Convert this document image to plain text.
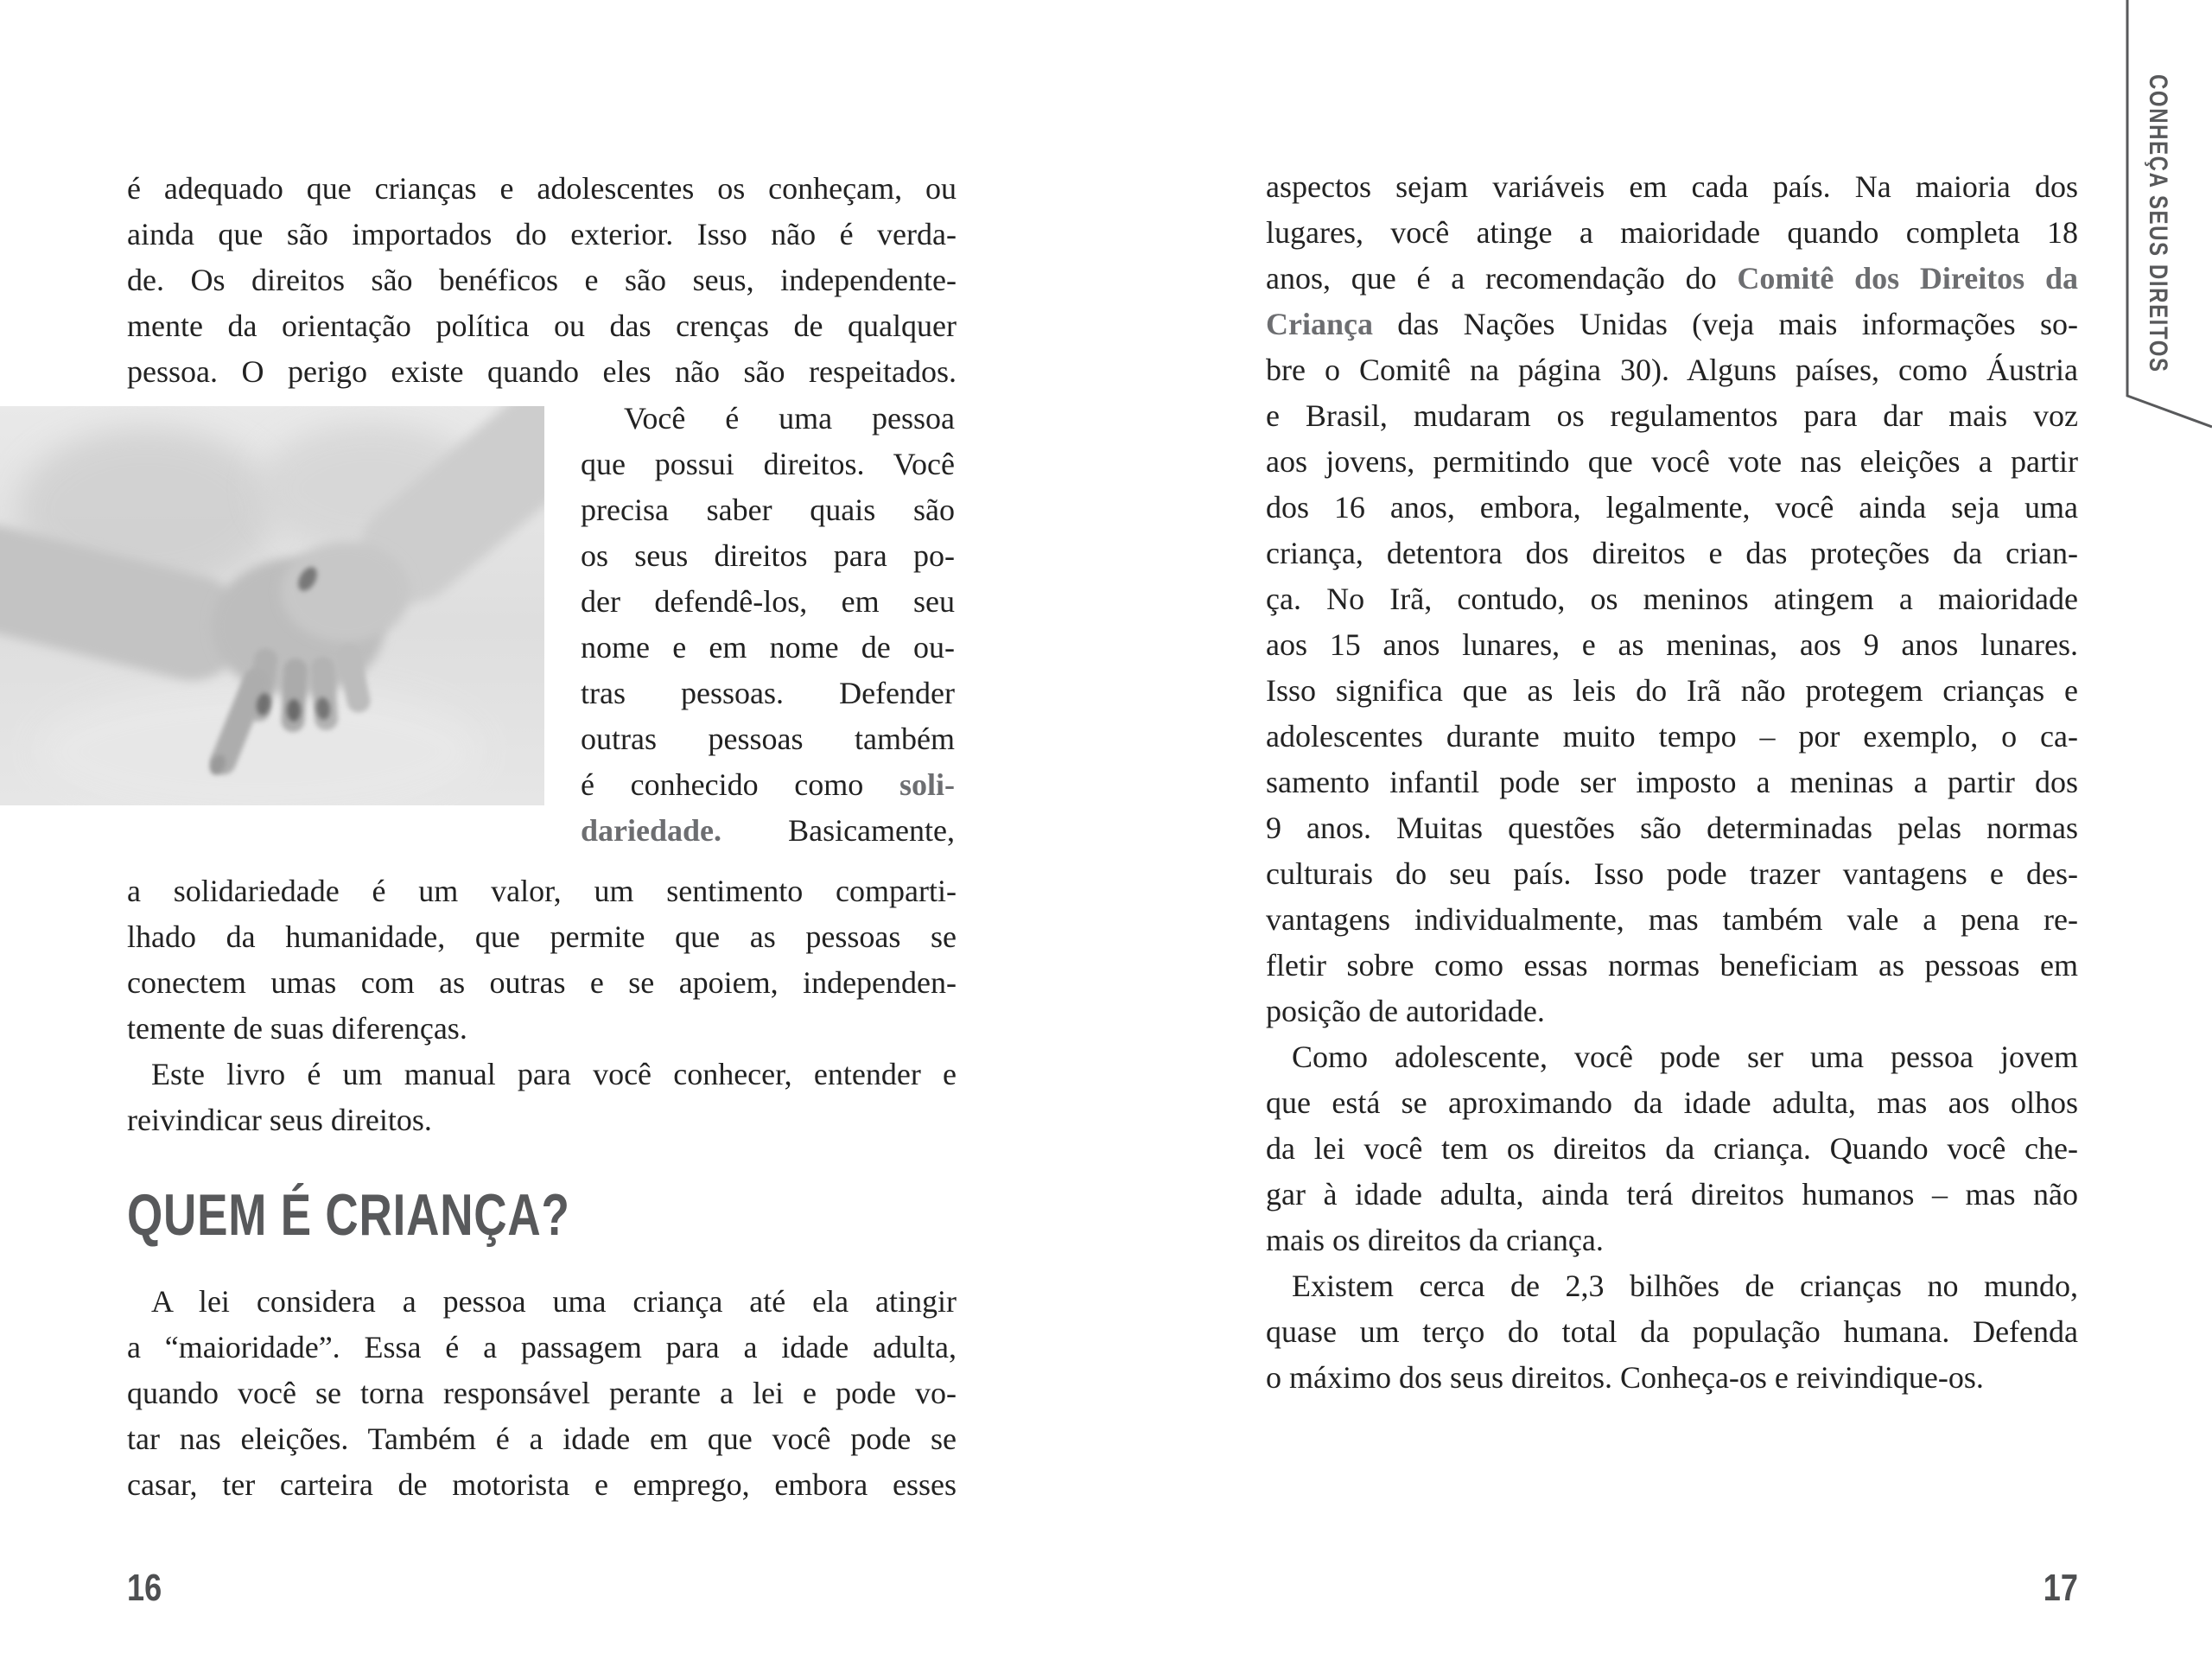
é adequado que crianças e adolescentes os conheçam, ou
ainda que são importados do exterior. Isso não é verda-
de. Os direitos são benéficos e são seus, independente-
mente da orientação política ou das crenças de qualquer
pessoa. O perigo existe quando eles não são respeitados.
Você é uma pessoa
que possui direitos. Você
precisa saber quais são
os seus direitos para po-
der defendê-los, em seu
nome e em nome de ou-
tras pessoas. Defender
outras pessoas também
é conhecido como soli-
dariedade. Basicamente,
a solidariedade é um valor, um sentimento comparti-
lhado da humanidade, que permite que as pessoas se
conectem umas com as outras e se apoiem, independen-
temente de suas diferenças.
Este livro é um manual para você conhecer, entender e
reivindicar seus direitos.
QUEM É CRIANÇA?
A lei considera a pessoa uma criança até ela atingir
a “maioridade”. Essa é a passagem para a idade adulta,
quando você se torna responsável perante a lei e pode vo-
tar nas eleições. Também é a idade em que você pode se
casar, ter carteira de motorista e emprego, embora esses
16
aspectos sejam variáveis em cada país. Na maioria dos
lugares, você atinge a maioridade quando completa 18
anos, que é a recomendação do Comitê dos Direitos da
Criança das Nações Unidas (veja mais informações so-
bre o Comitê na página 30). Alguns países, como Áustria
e Brasil, mudaram os regulamentos para dar mais voz
aos jovens, permitindo que você vote nas eleições a partir
dos 16 anos, embora, legalmente, você ainda seja uma
criança, detentora dos direitos e das proteções da crian-
ça. No Irã, contudo, os meninos atingem a maioridade
aos 15 anos lunares, e as meninas, aos 9 anos lunares.
Isso significa que as leis do Irã não protegem crianças e
adolescentes durante muito tempo – por exemplo, o ca-
samento infantil pode ser imposto a meninas a partir dos
9 anos. Muitas questões são determinadas pelas normas
culturais do seu país. Isso pode trazer vantagens e des-
vantagens individualmente, mas também vale a pena re-
fletir sobre como essas normas beneficiam as pessoas em
posição de autoridade.
Como adolescente, você pode ser uma pessoa jovem
que está se aproximando da idade adulta, mas aos olhos
da lei você tem os direitos da criança. Quando você che-
gar à idade adulta, ainda terá direitos humanos – mas não
mais os direitos da criança.
Existem cerca de 2,3 bilhões de crianças no mundo,
quase um terço do total da população humana. Defenda
o máximo dos seus direitos. Conheça-os e reivindique-os.
17
CONHEÇA SEUS DIREITOS
